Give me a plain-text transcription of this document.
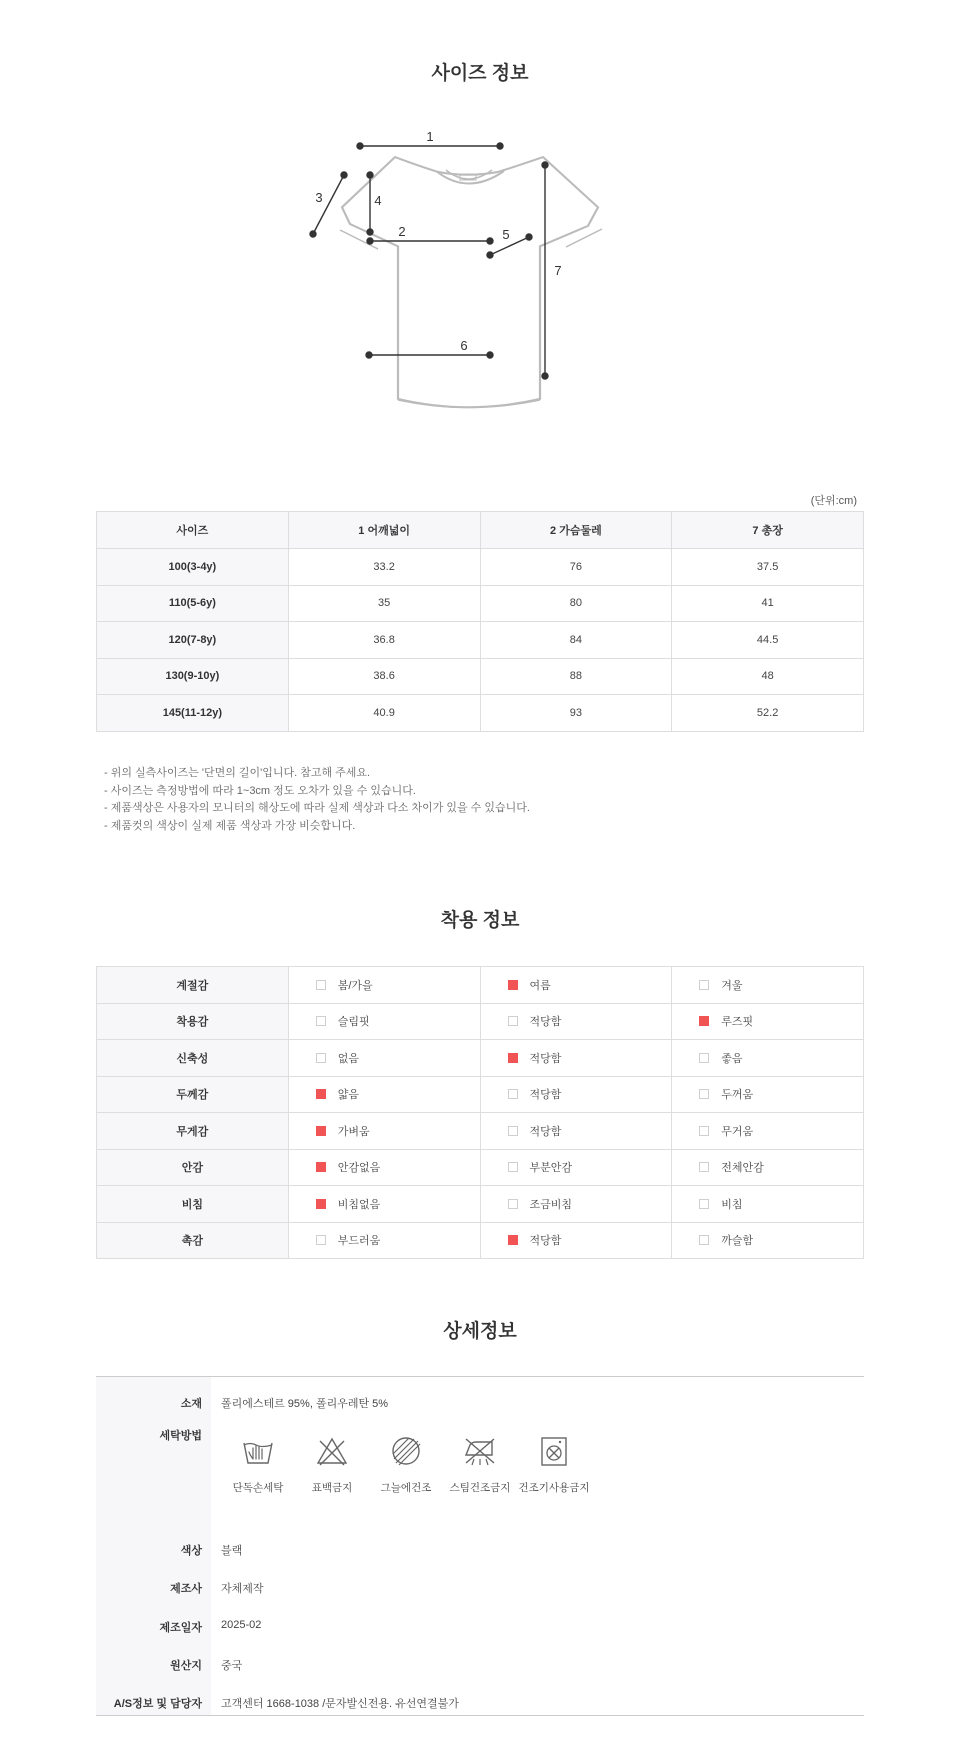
사이즈 정보
1
2
3	4
5
6
7
(단위:cm)
사이즈	1 어깨넓이	2 가슴둘레	7 총장
100(3-4y)	33.2	76	37.5
110(5-6y)	35	80	41
120(7-8y)	36.8	84	44.5
130(9-10y)	38.6	88	48
145(11-12y)	40.9	93	52.2
- 위의 실측사이즈는 '단면의 길이'입니다. 참고해 주세요.
- 사이즈는 측정방법에 따라 1~3cm 정도 오차가 있을 수 있습니다.
- 제품색상은 사용자의 모니터의 해상도에 따라 실제 색상과 다소 차이가 있을 수 있습니다.
- 제품컷의 색상이 실제 제품 색상과 가장 비슷합니다.
착용 정보
계절감	봄/가을	여름	겨울

착용감	슬림핏	적당함	루즈핏

신축성	없음	적당함	좋음

두께감	얇음	적당함	두꺼움

무게감	가벼움	적당함	무거움

안감	안감없음	부분안감	전체안감

비침	비침없음	조금비침	비침

촉감	부드러움	적당함	까슬함
상세정보
소재 폴리에스테르 95%, 폴리우레탄 5%
세탁방법
단독손세탁	표백금지	그늘에건조 스팀건조금지 건조기사용금지
색상 블랙
제조사 자체제작
제조일자 2025-02
원산지 중국
A/S정보 및 담당자 고객센터 1668-1038 /문자발신전용. 유선연결불가
